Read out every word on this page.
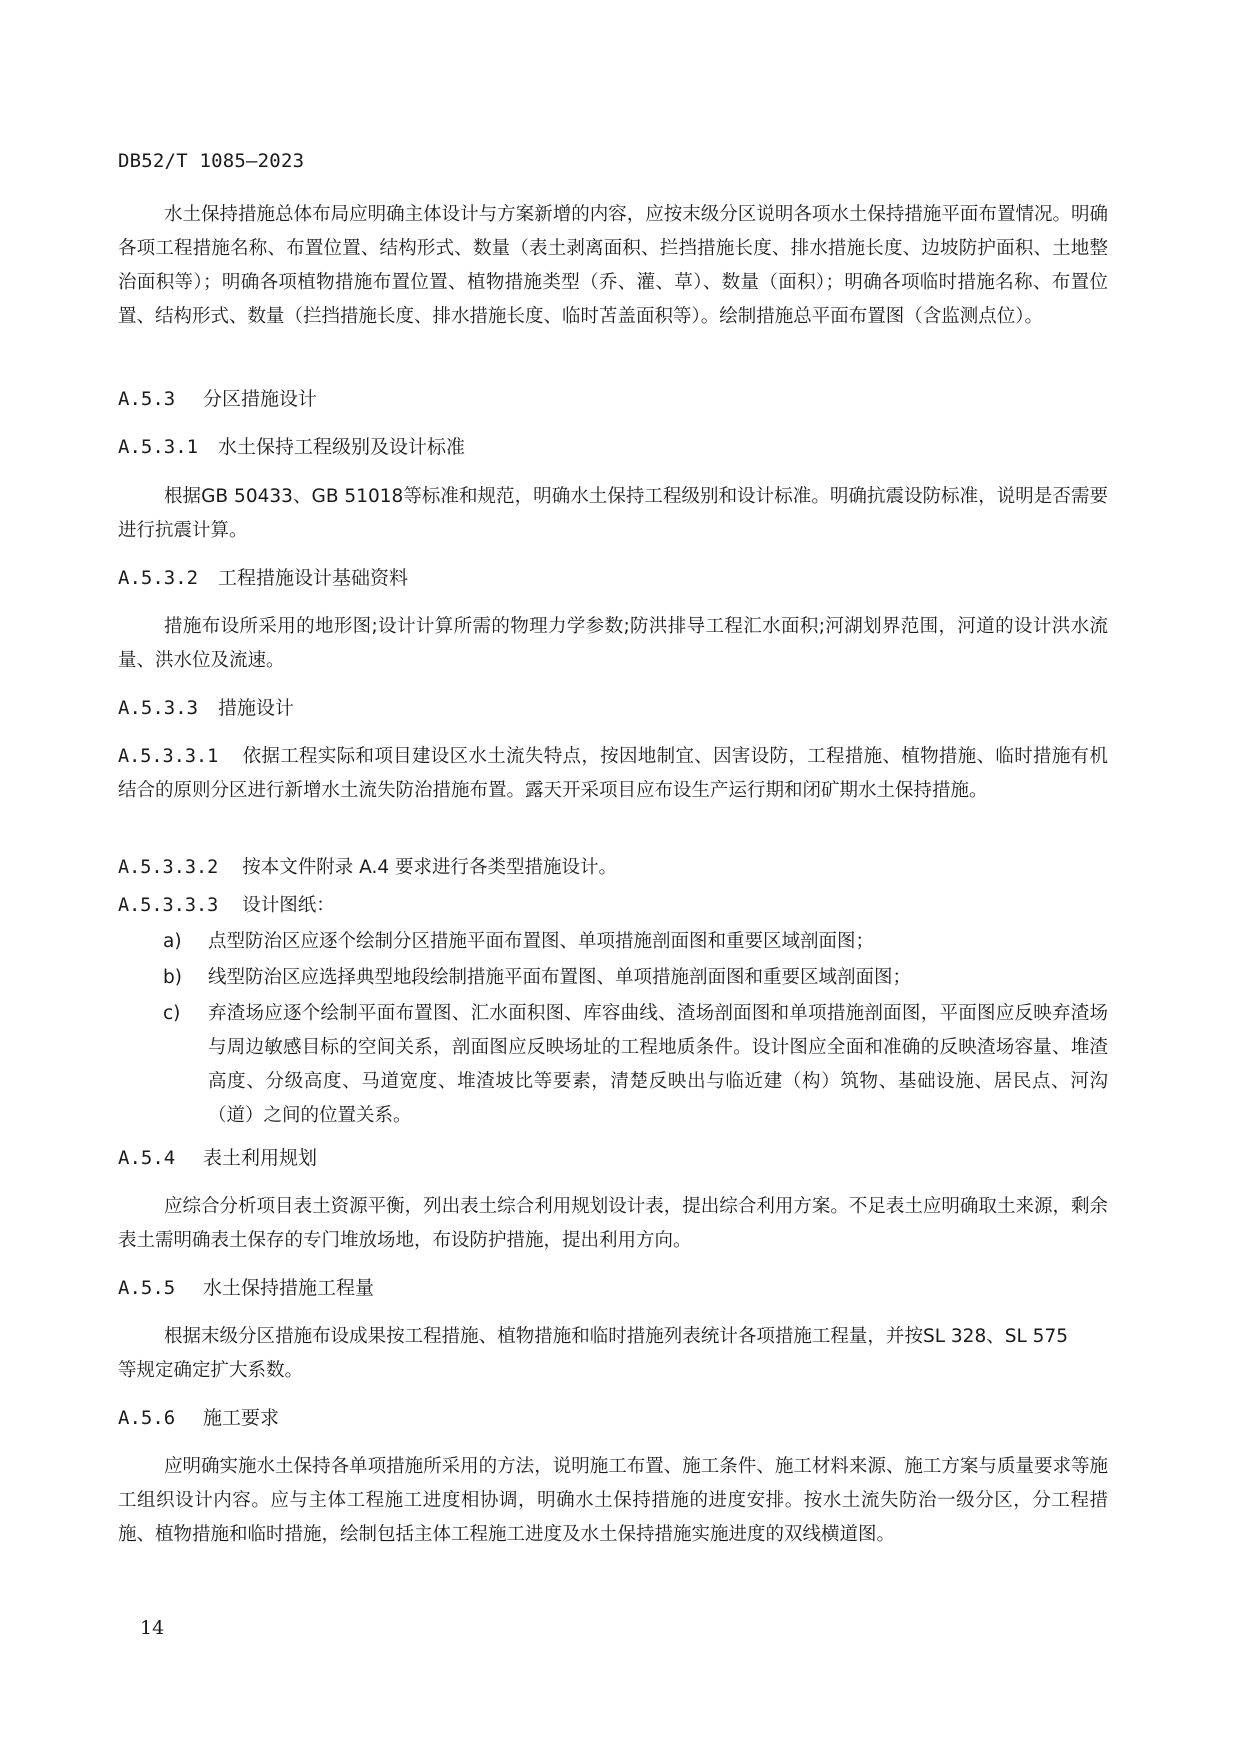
DB52/T 1085—2023
水土保持措施总体布局应明确主体设计与方案新增的内容，应按末级分区说明各项水土保持措施平面布置情况。明确各项工程措施名称、布置位置、结构形式、数量（表土剥离面积、拦挡措施长度、排水措施长度、边坡防护面积、土地整治面积等）；明确各项植物措施布置位置、植物措施类型（乔、灌、草）、数量（面积）；明确各项临时措施名称、布置位置、结构形式、数量（拦挡措施长度、排水措施长度、临时苫盖面积等）。绘制措施总平面布置图（含监测点位）。
A.5.3 分区措施设计
A.5.3.1 水土保持工程级别及设计标准
根据GB 50433、GB 51018等标准和规范，明确水土保持工程级别和设计标准。明确抗震设防标准，说明是否需要进行抗震计算。
A.5.3.2 工程措施设计基础资料
措施布设所采用的地形图;设计计算所需的物理力学参数;防洪排导工程汇水面积;河湖划界范围，河道的设计洪水流量、洪水位及流速。
A.5.3.3 措施设计
A.5.3.3.1 依据工程实际和项目建设区水土流失特点，按因地制宜、因害设防，工程措施、植物措施、临时措施有机结合的原则分区进行新增水土流失防治措施布置。露天开采项目应布设生产运行期和闭矿期水土保持措施。
A.5.3.3.2 按本文件附录 A.4 要求进行各类型措施设计。
A.5.3.3.3 设计图纸：
a) 点型防治区应逐个绘制分区措施平面布置图、单项措施剖面图和重要区域剖面图；
b) 线型防治区应选择典型地段绘制措施平面布置图、单项措施剖面图和重要区域剖面图；
c) 弃渣场应逐个绘制平面布置图、汇水面积图、库容曲线、渣场剖面图和单项措施剖面图，平面图应反映弃渣场与周边敏感目标的空间关系，剖面图应反映场址的工程地质条件。设计图应全面和准确的反映渣场容量、堆渣高度、分级高度、马道宽度、堆渣坡比等要素，清楚反映出与临近建（构）筑物、基础设施、居民点、河沟（道）之间的位置关系。
A.5.4 表土利用规划
应综合分析项目表土资源平衡，列出表土综合利用规划设计表，提出综合利用方案。不足表土应明确取土来源，剩余表土需明确表土保存的专门堆放场地，布设防护措施，提出利用方向。
A.5.5 水土保持措施工程量
根据末级分区措施布设成果按工程措施、植物措施和临时措施列表统计各项措施工程量，并按SL 328、SL 575等规定确定扩大系数。
A.5.6 施工要求
应明确实施水土保持各单项措施所采用的方法，说明施工布置、施工条件、施工材料来源、施工方案与质量要求等施工组织设计内容。应与主体工程施工进度相协调，明确水土保持措施的进度安排。按水土流失防治一级分区，分工程措施、植物措施和临时措施，绘制包括主体工程施工进度及水土保持措施实施进度的双线横道图。
14
